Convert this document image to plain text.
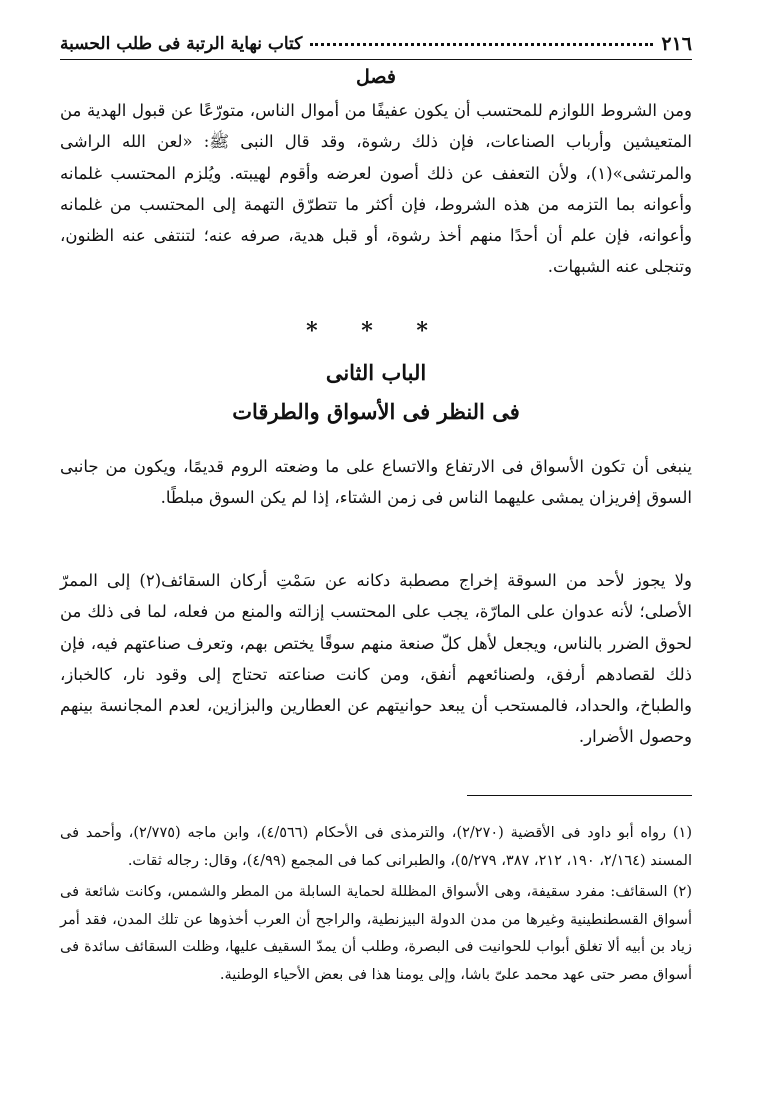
٢١٦
كتاب نهاية الرتبة فى طلب الحسبة
فصل

ومن الشروط اللوازم للمحتسب أن يكون عفيفًا من أموال الناس، متورّعًا عن قبول الهدية من المتعيشين وأرباب الصناعات، فإن ذلك رشوة، وقد قال النبى ﷺ: «لعن الله الراشى والمرتشى»(١)، ولأن التعفف عن ذلك أصون لعرضه وأقوم لهيبته. ويُلزم المحتسب غلمانه وأعوانه بما التزمه من هذه الشروط، فإن أكثر ما تتطرّق التهمة إلى المحتسب من غلمانه وأعوانه، فإن علم أن أحدًا منهم أخذ رشوة، أو قبل هدية، صرفه عنه؛ لتنتفى عنه الظنون، وتنجلى عنه الشبهات.

* * *
الباب الثانى
فى النظر فى الأسواق والطرقات

ينبغى أن تكون الأسواق فى الارتفاع والاتساع على ما وضعته الروم قديمًا، ويكون من جانبى السوق إفريزان يمشى عليهما الناس فى زمن الشتاء، إذا لم يكن السوق مبلطًا.

ولا يجوز لأحد من السوقة إخراج مصطبة دكانه عن سَمْتِ أركان السقائف(٢) إلى الممرّ الأصلى؛ لأنه عدوان على المارّة، يجب على المحتسب إزالته والمنع من فعله، لما فى ذلك من لحوق الضرر بالناس، ويجعل لأهل كلّ صنعة منهم سوقًا يختص بهم، وتعرف صناعتهم فيه، فإن ذلك لقصادهم أرفق، ولصنائعهم أنفق، ومن كانت صناعته تحتاج إلى وقود نار، كالخباز، والطباخ، والحداد، فالمستحب أن يبعد حوانيتهم عن العطارين والبزازين، لعدم المجانسة بينهم وحصول الأضرار.

(١) رواه أبو داود فى الأقضية (٢/٢٧٠)، والترمذى فى الأحكام (٤/٥٦٦)، وابن ماجه (٢/٧٧٥)، وأحمد فى المسند (٢/١٦٤، ١٩٠، ٢١٢، ٣٨٧، ٥/٢٧٩)، والطبرانى كما فى المجمع (٤/٩٩)، وقال: رجاله ثقات.

(٢) السقائف: مفرد سقيفة، وهى الأسواق المظللة لحماية السابلة من المطر والشمس، وكانت شائعة فى أسواق القسطنطينية وغيرها من مدن الدولة البيزنطية، والراجح أن العرب أخذوها عن تلك المدن، فقد أمر زياد بن أبيه ألا تغلق أبواب للحوانيت فى البصرة، وطلب أن يمدّ السقيف عليها، وظلت السقائف سائدة فى أسواق مصر حتى عهد محمد علىّ باشا، وإلى يومنا هذا فى بعض الأحياء الوطنية.
